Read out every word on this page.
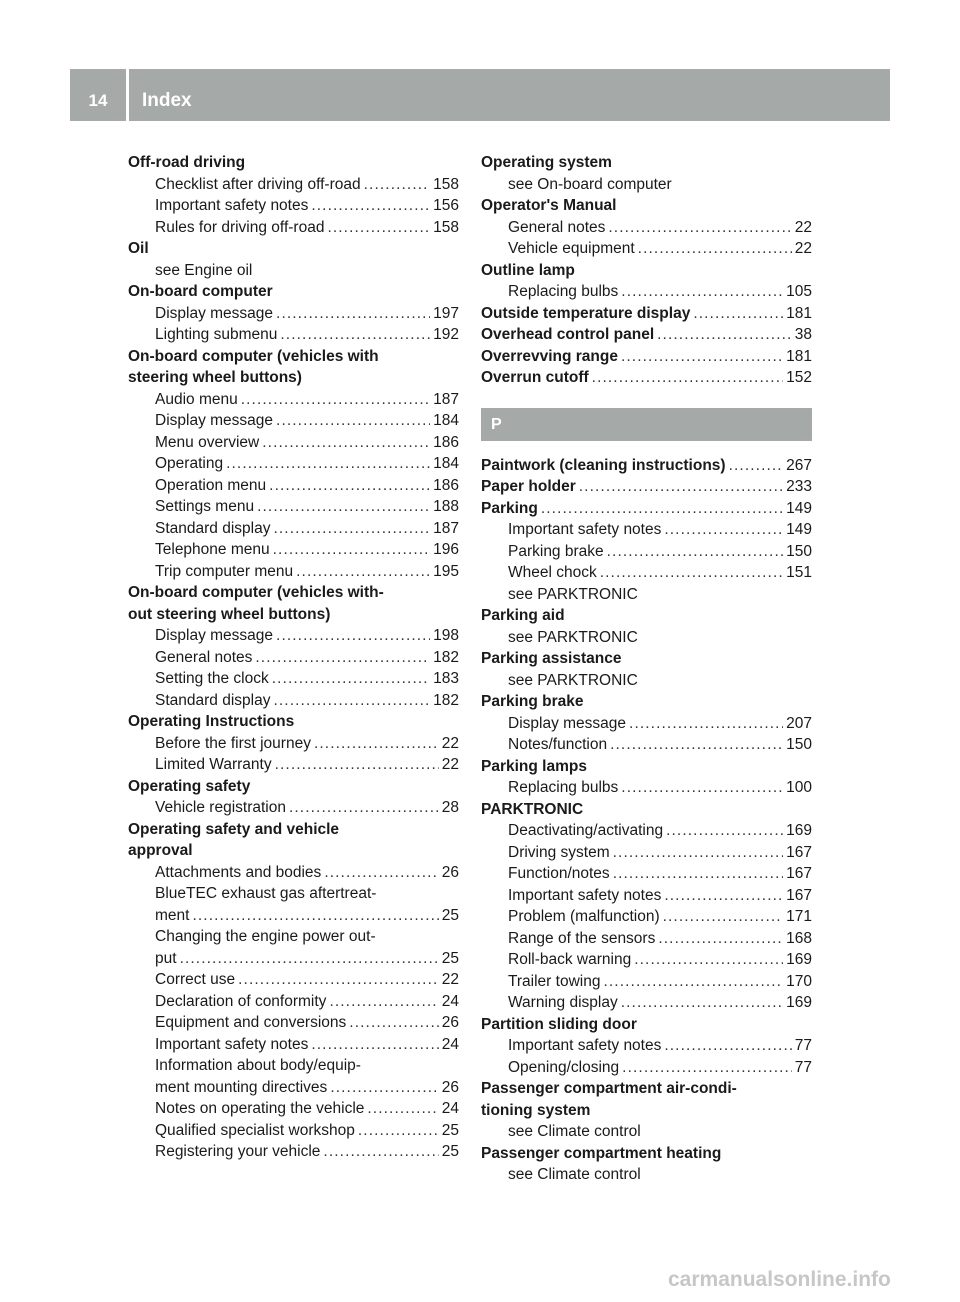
14	Index
Off-road driving
Checklist after driving off-road . . .	158
Important safety notes . . .	156
Rules for driving off-road . . .	158
Oil
see Engine oil
On-board computer
Display message . . .	197
Lighting submenu . . .	192
On-board computer (vehicles with
steering wheel buttons)
Audio menu . . .	187
Display message . . .	184
Menu overview . . .	186
Operating . . .	184
Operation menu . . .	186
Settings menu . . .	188
Standard display . . .	187
Telephone menu . . .	196
Trip computer menu . . .	195
On-board computer (vehicles with-
out steering wheel buttons)
Display message . . .	198
General notes . . .	182
Setting the clock . . .	183
Standard display . . .	182
Operating Instructions
Before the first journey . . .	22
Limited Warranty . . .	22
Operating safety
Vehicle registration . . .	28
Operating safety and vehicle
approval
Attachments and bodies . . .	26
BlueTEC exhaust gas aftertreat-
ment . . .	25
Changing the engine power out-
put . . .	25
Correct use . . .	22
Declaration of conformity . . .	24
Equipment and conversions . . .	26
Important safety notes . . .	24
Information about body/equip-
ment mounting directives . . .	26
Notes on operating the vehicle . . .	24
Qualified specialist workshop . . .	25
Registering your vehicle . . .	25
Operating system
see On-board computer
Operator's Manual
General notes . . .	22
Vehicle equipment . . .	22
Outline lamp
Replacing bulbs . . .	105
Outside temperature display . . .	181
Overhead control panel . . .	38
Overrevving range . . .	181
Overrun cutoff . . .	152
P
Paintwork (cleaning instructions) . . .	267
Paper holder . . .	233
Parking . . .	149
Important safety notes . . .	149
Parking brake . . .	150
Wheel chock . . .	151
see PARKTRONIC
Parking aid
see PARKTRONIC
Parking assistance
see PARKTRONIC
Parking brake
Display message . . .	207
Notes/function . . .	150
Parking lamps
Replacing bulbs . . .	100
PARKTRONIC
Deactivating/activating . . .	169
Driving system . . .	167
Function/notes . . .	167
Important safety notes . . .	167
Problem (malfunction) . . .	171
Range of the sensors . . .	168
Roll-back warning . . .	169
Trailer towing . . .	170
Warning display . . .	169
Partition sliding door
Important safety notes . . .	77
Opening/closing . . .	77
Passenger compartment air-condi-
tioning system
see Climate control
Passenger compartment heating
see Climate control
carmanualsonline.info
